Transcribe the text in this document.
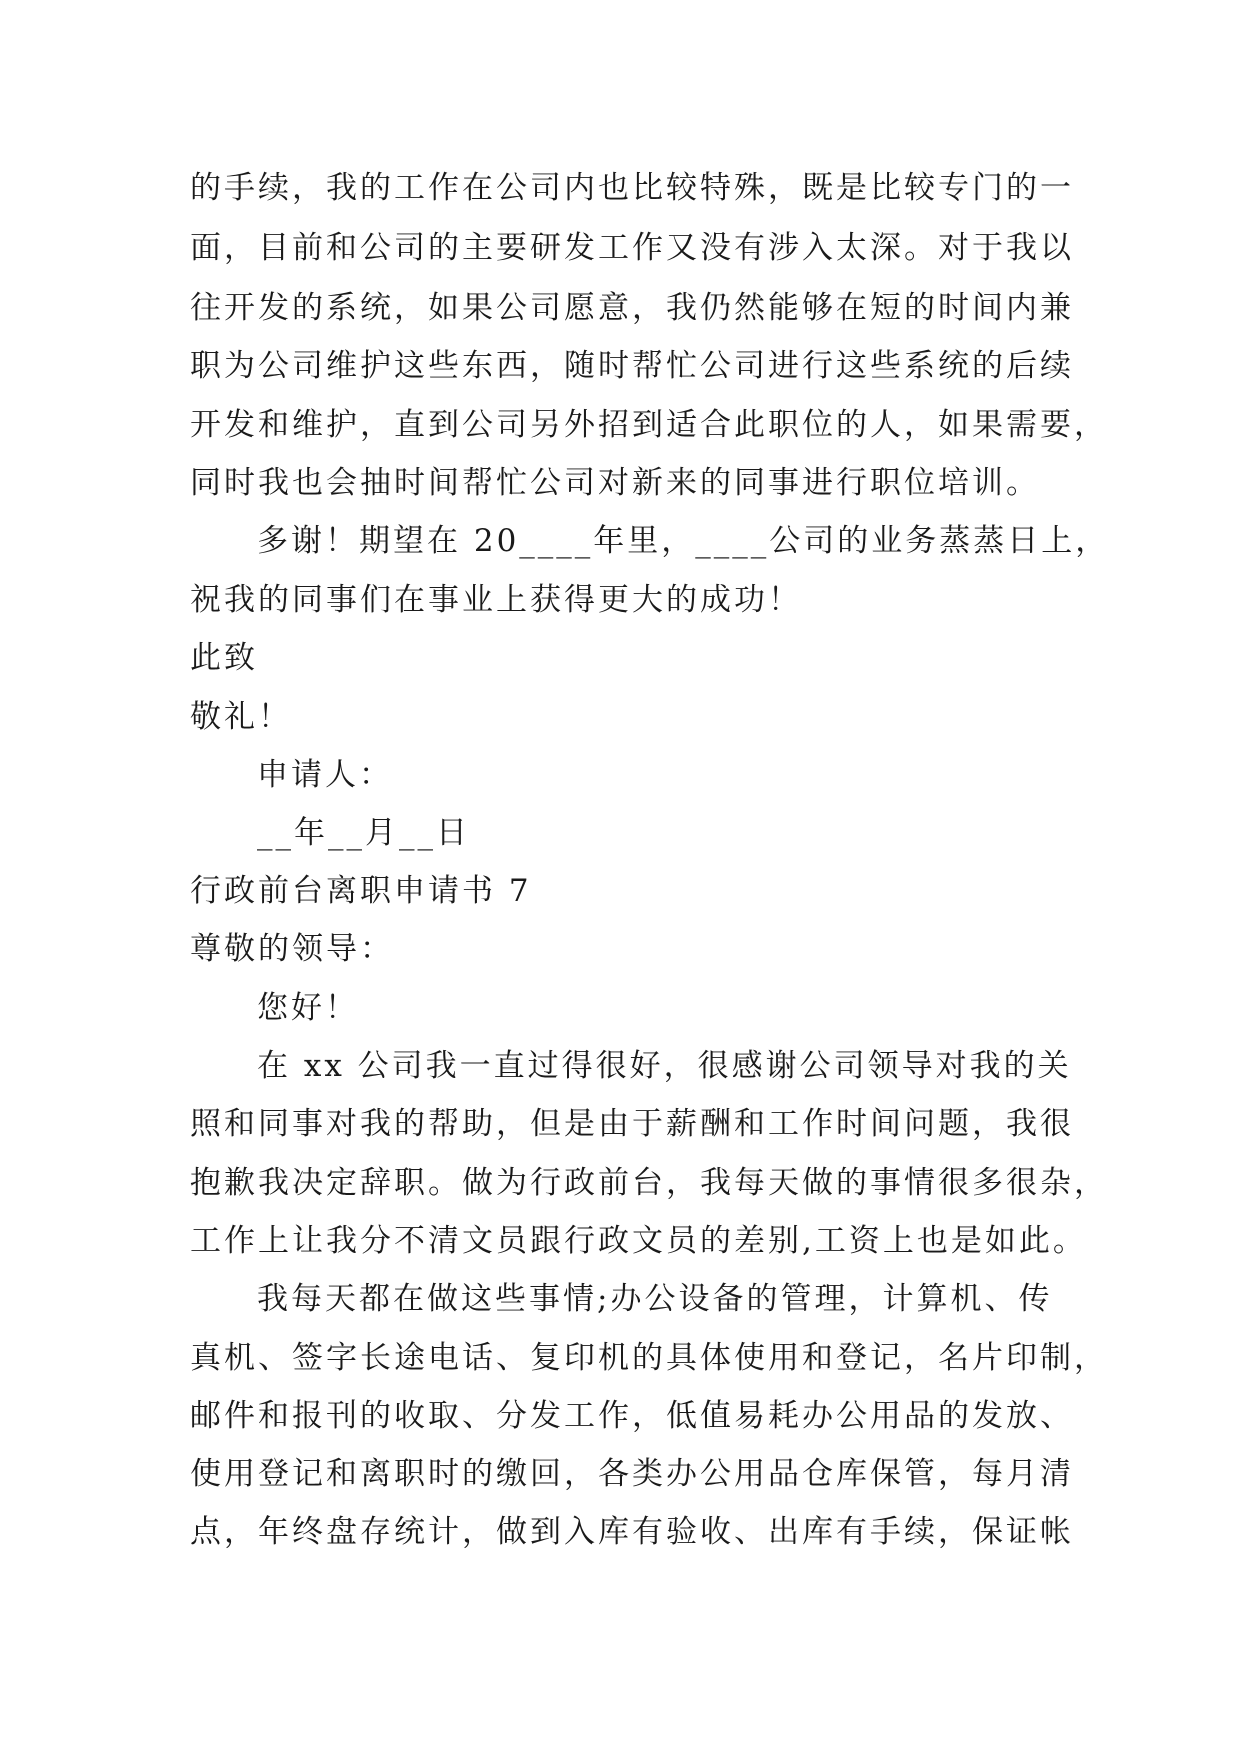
的手续，我的工作在公司内也比较特殊，既是比较专门的一
面，目前和公司的主要研发工作又没有涉入太深。对于我以
往开发的系统，如果公司愿意，我仍然能够在短的时间内兼
职为公司维护这些东西，随时帮忙公司进行这些系统的后续
开发和维护，直到公司另外招到适合此职位的人，如果需要，
同时我也会抽时间帮忙公司对新来的同事进行职位培训。
多谢！期望在 20____年里，____公司的业务蒸蒸日上，
祝我的同事们在事业上获得更大的成功！
此致
敬礼！
申请人：
__年__月__日
行政前台离职申请书 7
尊敬的领导：
您好！
在 xx 公司我一直过得很好，很感谢公司领导对我的关
照和同事对我的帮助，但是由于薪酬和工作时间问题，我很
抱歉我决定辞职。做为行政前台，我每天做的事情很多很杂，
工作上让我分不清文员跟行政文员的差别,工资上也是如此。
我每天都在做这些事情;办公设备的管理，计算机、传
真机、签字长途电话、复印机的具体使用和登记，名片印制，
邮件和报刊的收取、分发工作，低值易耗办公用品的发放、
使用登记和离职时的缴回，各类办公用品仓库保管，每月清
点，年终盘存统计，做到入库有验收、出库有手续，保证帐
